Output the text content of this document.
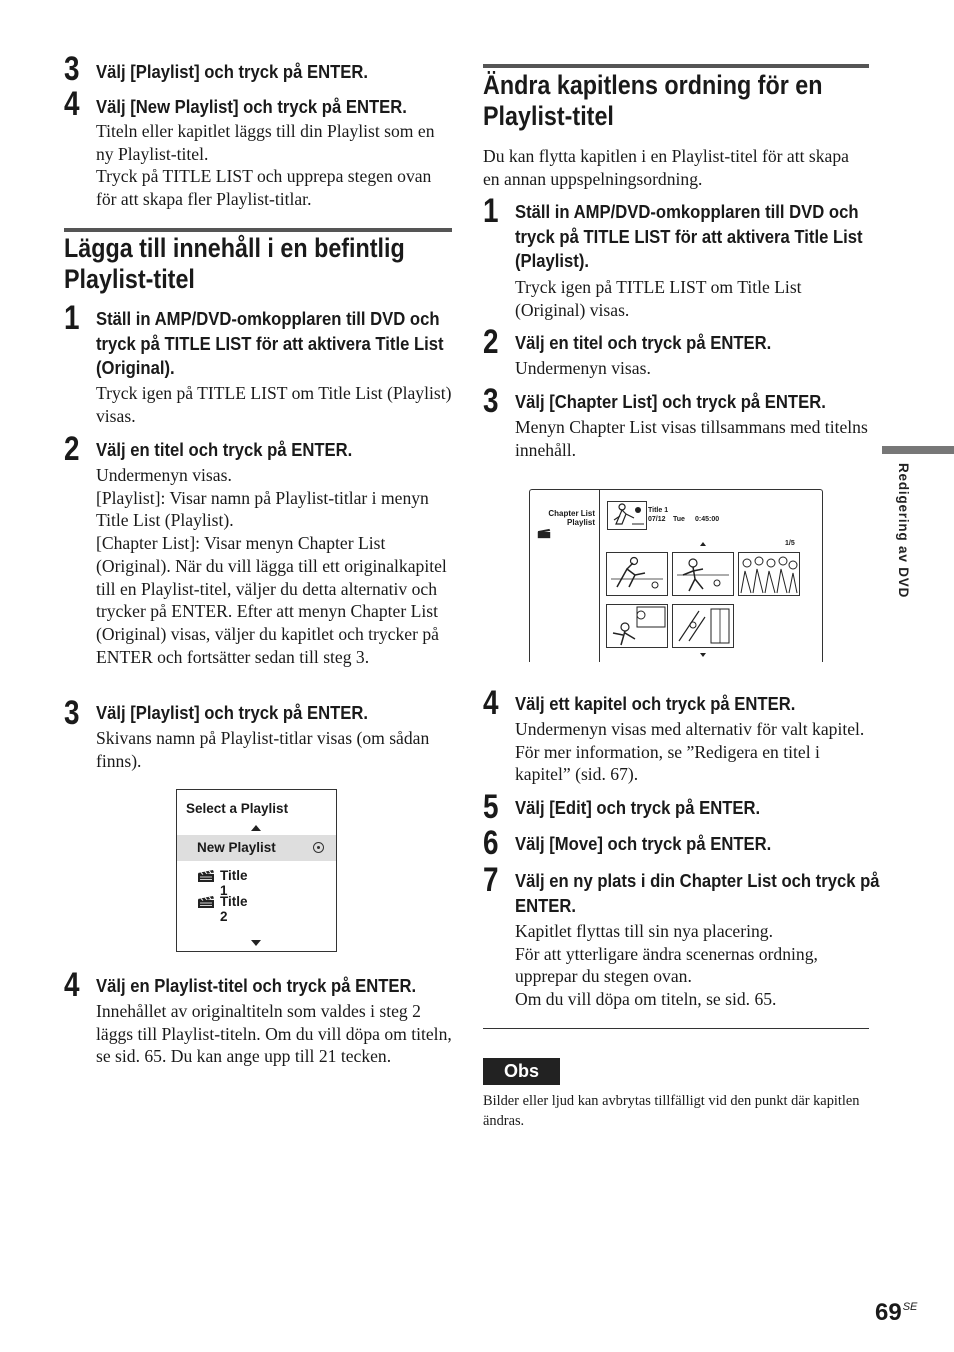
3 Välj [Playlist] och tryck på ENTER.
4 Välj [New Playlist] och tryck på ENTER.
Titeln eller kapitlet läggs till din Playlist som en ny Playlist-titel.
Tryck på TITLE LIST och upprepa stegen ovan för att skapa fler Playlist-titlar.
Lägga till innehåll i en befintlig Playlist-titel
1 Ställ in AMP/DVD-omkopplaren till DVD och tryck på TITLE LIST för att aktivera Title List (Original).
Tryck igen på TITLE LIST om Title List (Playlist) visas.
2 Välj en titel och tryck på ENTER.
Undermenyn visas.
[Playlist]: Visar namn på Playlist-titlar i menyn Title List (Playlist).
[Chapter List]: Visar menyn Chapter List (Original). När du vill lägga till ett originalkapitel till en Playlist-titel, väljer du detta alternativ och trycker på ENTER. Efter att menyn Chapter List (Original) visas, väljer du kapitlet och trycker på ENTER och fortsätter sedan till steg 3.
3 Välj [Playlist] och tryck på ENTER.
Skivans namn på Playlist-titlar visas (om sådan finns).
4 Välj en Playlist-titel och tryck på ENTER.
Innehållet av originaltiteln som valdes i steg 2 läggs till Playlist-titeln. Om du vill döpa om titeln, se sid. 65. Du kan ange upp till 21 tecken.
Select a Playlist
New Playlist
Title 1
Title 2
Ändra kapitlens ordning för en Playlist-titel
Du kan flytta kapitlen i en Playlist-titel för att skapa en annan uppspelningsordning.
1 Ställ in AMP/DVD-omkopplaren till DVD och tryck på TITLE LIST för att aktivera Title List (Playlist).
Tryck igen på TITLE LIST om Title List (Original) visas.
2 Välj en titel och tryck på ENTER.
Undermenyn visas.
3 Välj [Chapter List] och tryck på ENTER.
Menyn Chapter List visas tillsammans med titelns innehåll.
4 Välj ett kapitel och tryck på ENTER.
Undermenyn visas med alternativ för valt kapitel. För mer information, se ”Redigera en titel i kapitel” (sid. 67).
5 Välj [Edit] och tryck på ENTER.
6 Välj [Move] och tryck på ENTER.
7 Välj en ny plats i din Chapter List och tryck på ENTER.
Kapitlet flyttas till sin nya placering.
För att ytterligare ändra scenernas ordning, upprepar du stegen ovan.
Om du vill döpa om titeln, se sid. 65.
Chapter List
Playlist
Title 1
07/12 Tue 0:45:00
1/5	Redigering av DVD
Obs
Bilder eller ljud kan avbrytas tillfälligt vid den punkt där kapitlen ändras.
$69^{SE}$
